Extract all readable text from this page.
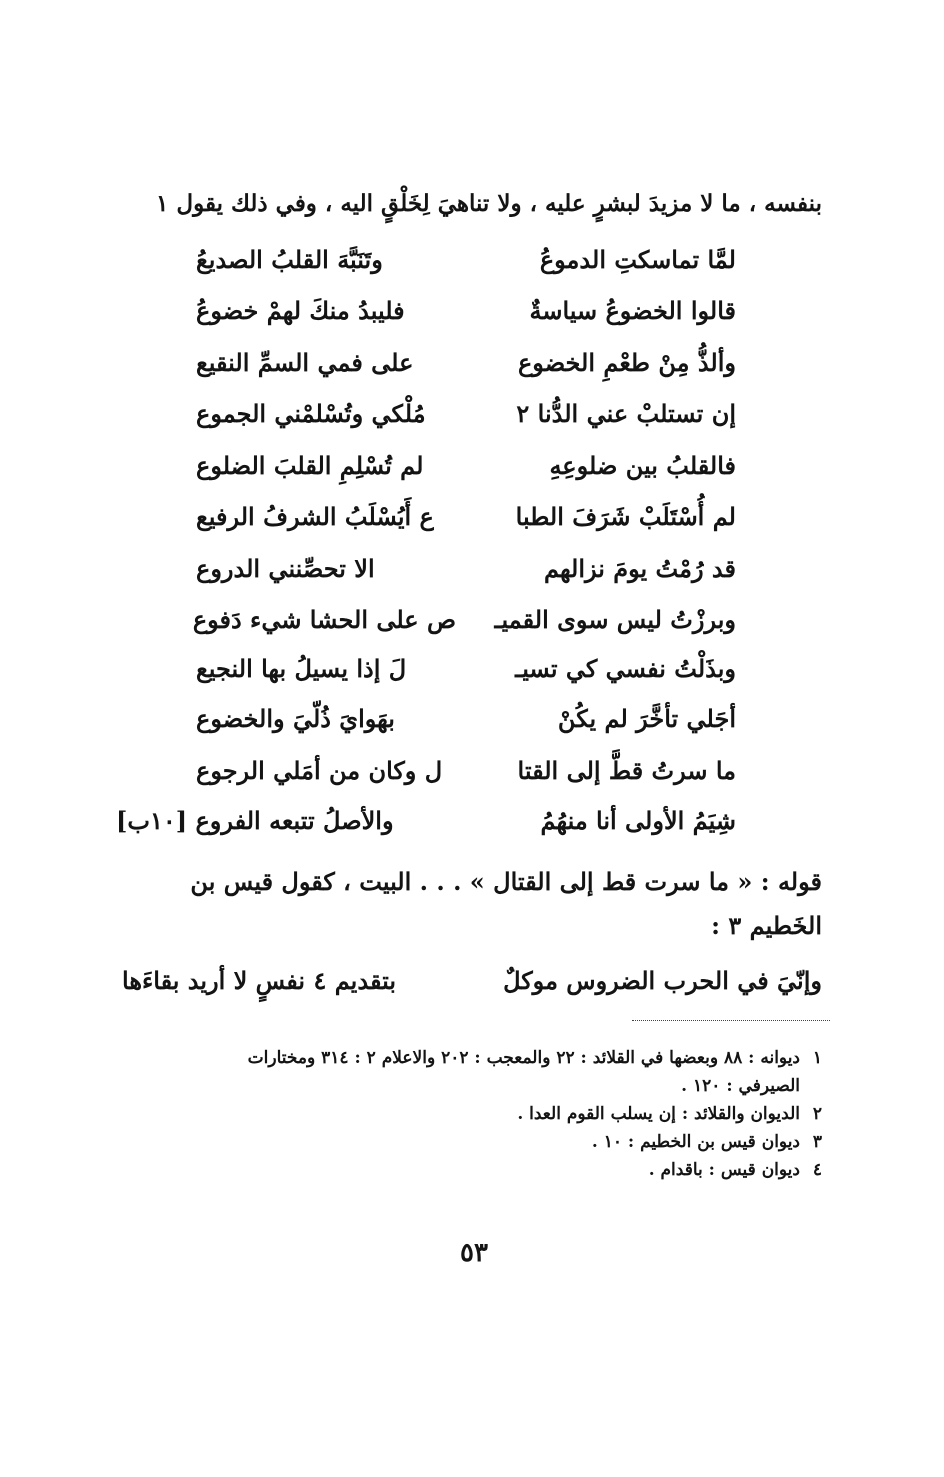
بنفسه ، ما لا مزيدَ لبشرٍ عليه ، ولا تناهيَ لِخَلْقٍ اليه ، وفي ذلك يقول ١
لمَّا تماسكتِ الدموعُ
وتَنَبَّهَ القلبُ الصديعُ
قالوا الخضوعُ سياسةٌ
فليبدُ منكَ لهمْ خضوعُ
وألذُّ مِنْ طعْمِ الخضوع
على فمي السمِّ النقيع
إن تستلبْ عني الدُّنا ٢
مُلْكي وتُسْلمْني الجموع
فالقلبُ بين ضلوعِهِ
لم تُسْلِمِ القلبَ الضلوع
لم أُسْتَلَبْ شَرَفَ الطبا
ع أَيُسْلَبُ الشرفُ الرفيع
قد رُمْتُ يومَ نزالهم
الا تحصِّنني الدروع
وبرزْتُ ليس سوى القميـ
ص على الحشا شيء دَفوع
وبذَلْتُ نفسي كي تسيـ
لَ إذا يسيلُ بها النجيع
أجَلي تأخَّرَ لم يكُنْ
بهَوايَ ذُلّيَ والخضوع
ما سرتُ قطَّ إلى القتا
ل وكان من أمَلي الرجوع
شِيَمُ الأولى أنا منهُمُ
والأصلُ تتبعه الفروع [١٠ب]
قوله : « ما سرت قط إلى القتال » . . . البيت ، كقول قيس بن
الخَطيم ٣ :
وإنّيَ في الحرب الضروس موكلٌ
بتقديم ٤ نفسٍ لا أريد بقاءَها
١ديوانه : ٨٨ وبعضها في القلائد : ٢٢ والمعجب : ٢٠٢ والاعلام ٢ : ٣١٤ ومختارات
الصيرفي : ١٢٠ .
٢الديوان والقلائد : إن يسلب القوم العدا .
٣ديوان قيس بن الخطيم : ١٠ .
٤ديوان قيس : باقدام .
٥٣
